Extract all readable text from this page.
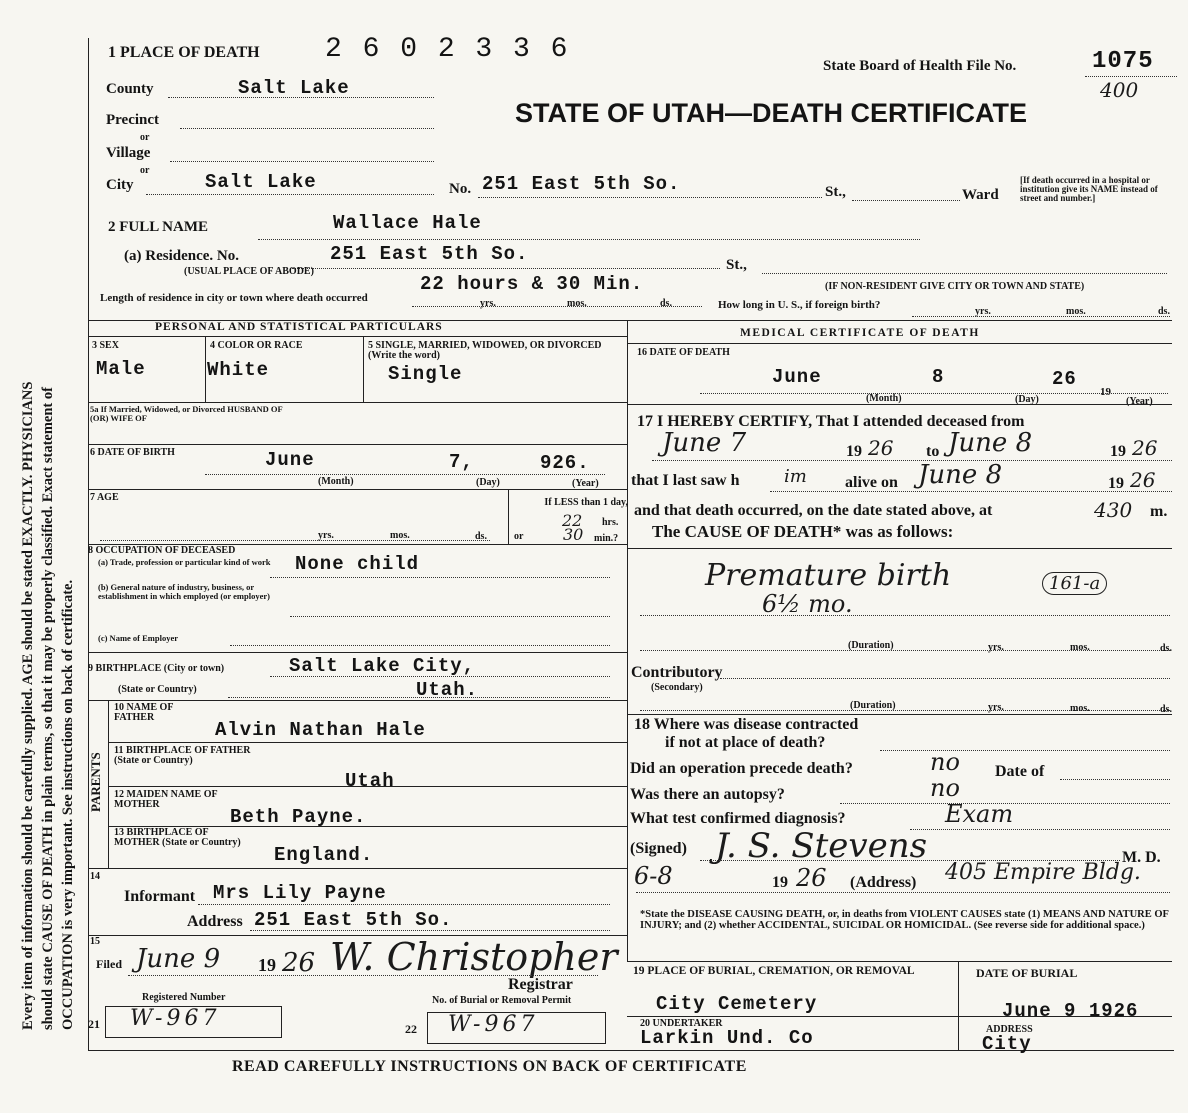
Every item of information should be carefully supplied. AGE should be stated EXACTLY. PHYSICIANS should state CAUSE OF DEATH in plain terms, so that it may be properly classified. Exact statement of OCCUPATION is very important. See instructions on back of certificate.
1 PLACE OF DEATH 2 6 0 2 3 3 6
State Board of Health File No.	1075
400
STATE OF UTAH—DEATH CERTIFICATE
County	Salt Lake
Precinct
or
Village
or
City	Salt Lake	No. 251 East 5th So.	St.,	Ward
[If death occurred in a hospital or institution give its NAME instead of street and number.]
2 FULL NAME	Wallace Hale
(a) Residence. No.	251 East 5th So.	St.,
(USUAL PLACE OF ABODE)
(IF NON-RESIDENT GIVE CITY OR TOWN AND STATE)
Length of residence in city or town where death occurred
22 hours & 30 Min.
yrs.	mos.	ds.	How long in U. S., if foreign birth?
yrs.	mos.	ds.
PERSONAL AND STATISTICAL PARTICULARS
3 SEX
Male
4 COLOR OR RACE
White
5 SINGLE, MARRIED, WIDOWED, OR DIVORCED (Write the word)
Single
5a If Married, Widowed, or Divorced HUSBAND OF (OR) WIFE OF
6 DATE OF BIRTH	June	7,	926.
(Month)	(Day)	(Year)
7 AGE
yrs.	mos.	ds.
If LESS than 1 day,
22 hrs.
or 30 min.?
8 OCCUPATION OF DECEASED
(a) Trade, profession or particular kind of work	None child
(b) General nature of industry, business, or establishment in which employed (or employer)
(c) Name of Employer
9 BIRTHPLACE (City or town)	Salt Lake City,
(State or Country)	Utah.
PARENTS
10 NAME OF FATHER
Alvin Nathan Hale
11 BIRTHPLACE OF FATHER (State or Country)
Utah
12 MAIDEN NAME OF MOTHER
Beth Payne.
13 BIRTHPLACE OF MOTHER (State or Country)
England.
14
Informant Mrs Lily Payne
Address 251 East 5th So.
15
Filed June 9 19 26 W. Christopher
Registrar
Registered Number	No. of Burial or Removal Permit
21 W-967	22 W-967
MEDICAL CERTIFICATE OF DEATH
16 DATE OF DEATH
June	8	26
19
(Month)	(Day)	(Year)
17 I HEREBY CERTIFY, That I attended deceased from
June 7	19 26 to June 8	19 26
that I last saw h im alive on June 8	19 26
and that death occurred, on the date stated above, at	430 m.
The CAUSE OF DEATH* was as follows:
Premature birth	161-a
6½ mo.
(Duration)	yrs.	mos.	ds.
Contributory
(Secondary)
(Duration)	yrs.	mos.	ds.
18 Where was disease contracted
if not at place of death?
Did an operation precede death?	no Date of
Was there an autopsy?	no
What test confirmed diagnosis?	Exam
(Signed) J. S. Stevens	M. D.
6-8	19 26 (Address) 405 Empire Bldg.
*State the DISEASE CAUSING DEATH, or, in deaths from VIOLENT CAUSES state (1) MEANS AND NATURE OF INJURY; and (2) whether ACCIDENTAL, SUICIDAL OR HOMICIDAL. (See reverse side for additional space.)
19 PLACE OF BURIAL, CREMATION, OR REMOVAL
City Cemetery
DATE OF BURIAL
June 9 1926
20 UNDERTAKER
Larkin Und. Co	ADDRESS
City
READ CAREFULLY INSTRUCTIONS ON BACK OF CERTIFICATE
